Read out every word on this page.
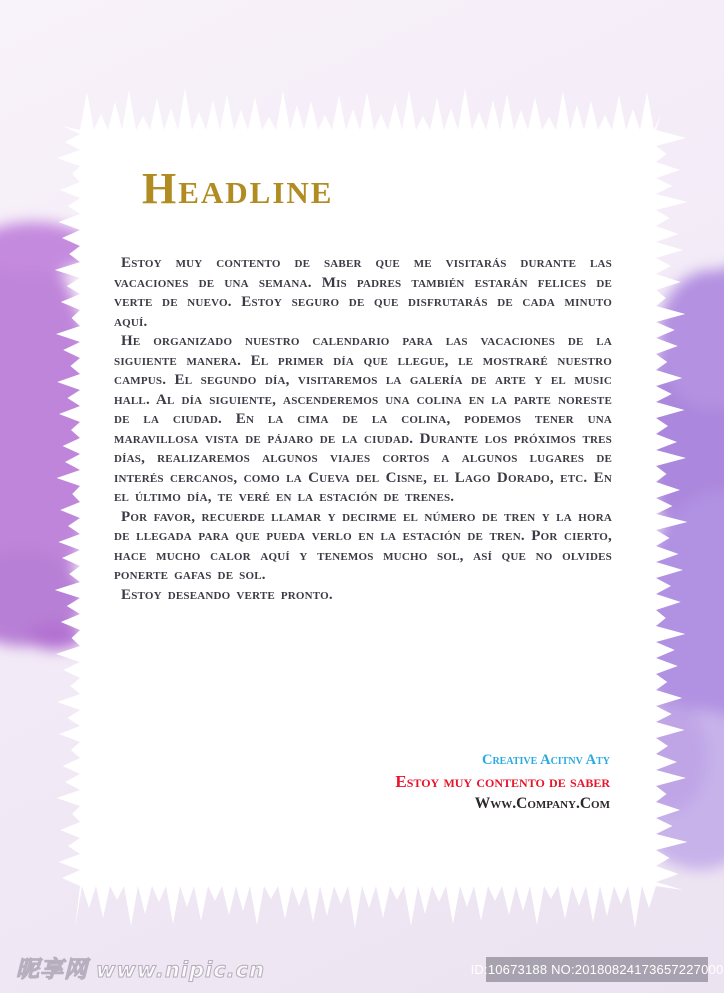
Headline

Estoy muy contento de saber que me visitarás durante las vacaciones de una semana. Mis padres también estarán felices de verte de nuevo. Estoy seguro de que disfrutarás de cada minuto aquí.

He organizado nuestro calendario para las vacaciones de la siguiente manera. El primer día que llegue, le mostraré nuestro campus. El segundo día, visitaremos la galería de arte y el music hall. Al día siguiente, ascenderemos una colina en la parte noreste de la ciudad. En la cima de la colina, podemos tener una maravillosa vista de pájaro de la ciudad. Durante los próximos tres días, realizaremos algunos viajes cortos a algunos lugares de interés cercanos, como la Cueva del Cisne, el Lago Dorado, etc. En el último día, te veré en la estación de trenes.

Por favor, recuerde llamar y decirme el número de tren y la hora de llegada para que pueda verlo en la estación de tren. Por cierto, hace mucho calor aquí y tenemos mucho sol, así que no olvides ponerte gafas de sol.

Estoy deseando verte pronto.

Creative Acitnv Aty
Estoy muy contento de saber
Www.Company.Com
昵享网 www.nipic.cn	ID:10673188 NO:20180824173657227000
